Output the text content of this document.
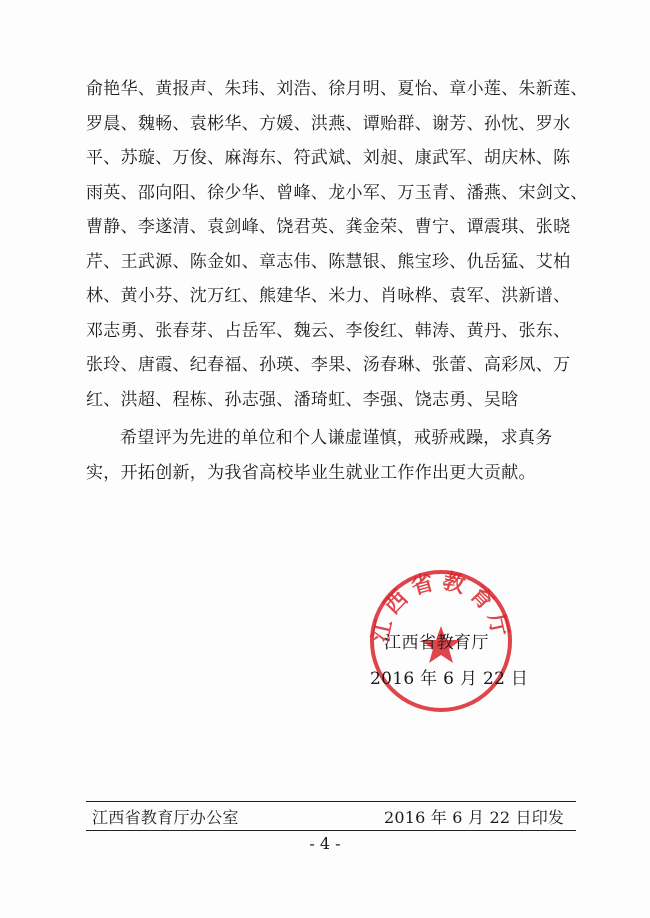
俞艳华、黄报声、朱玮、刘浩、徐月明、夏怡、章小莲、朱新莲、

罗晨、魏畅、袁彬华、方媛、洪燕、谭贻群、谢芳、孙忱、罗水

平、苏璇、万俊、麻海东、符武斌、刘昶、康武军、胡庆林、陈

雨英、邵向阳、徐少华、曾峰、龙小军、万玉青、潘燕、宋剑文、

曹静、李遂清、袁剑峰、饶君英、龚金荣、曹宁、谭震琪、张晓

芹、王武源、陈金如、章志伟、陈慧银、熊宝珍、仇岳猛、艾柏

林、黄小芬、沈万红、熊建华、米力、肖咏桦、袁军、洪新谱、

邓志勇、张春芽、占岳军、魏云、李俊红、韩涛、黄丹、张东、

张玲、唐霞、纪春福、孙瑛、李果、汤春琳、张蕾、高彩凤、万

红、洪超、程栋、孙志强、潘琦虹、李强、饶志勇、吴晗

希望评为先进的单位和个人谦虚谨慎，戒骄戒躁，求真务

实，开拓创新，为我省高校毕业生就业工作作出更大贡献。

江西省教育厅
江西省教育厅
2016 年 6 月 22 日
江西省教育厅办公室	2016 年 6 月 22 日印发
- 4 -
